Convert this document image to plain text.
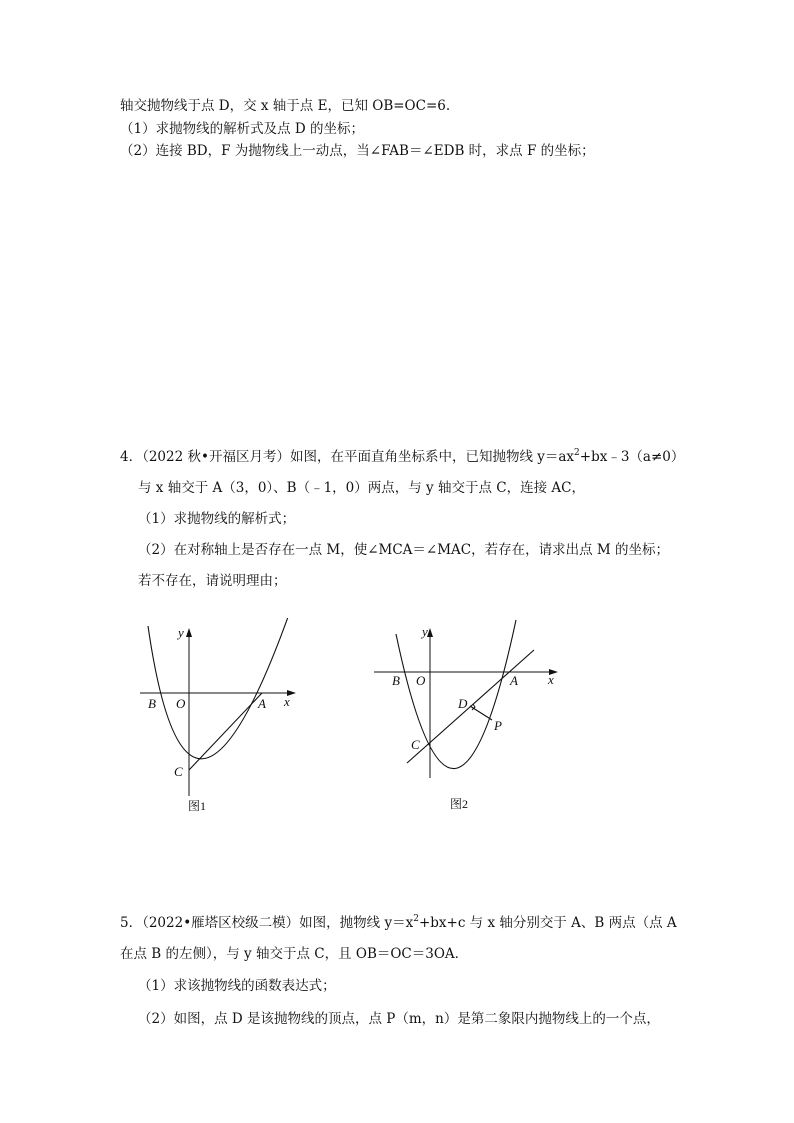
轴交抛物线于点 D，交 x 轴于点 E，已知 OB=OC=6.
（1）求抛物线的解析式及点 D 的坐标；
（2）连接 BD，F 为抛物线上一动点，当∠FAB＝∠EDB 时，求点 F 的坐标；
4．（2022 秋•开福区月考）如图，在平面直角坐标系中，已知抛物线 $y=ax^2+bx﹣3(a\ne 0)$
与 x 轴交于 A（3，0）、B（﹣1，0）两点，与 y 轴交于点 C，连接 AC，
（1）求抛物线的解析式；
（2）在对称轴上是否存在一点 M，使∠MCA＝∠MAC，若存在，请求出点 M 的坐标；
若不存在，请说明理由；
y
x
O	A
B
C
图1
y
x
O	A
B
C
D
P
图2
5．（2022•雁塔区校级二模）如图，抛物线 $y=x^2+bx+c$ 与 x 轴分别交于 A、B 两点（点 A
在点 B 的左侧），与 y 轴交于点 C，且 OB＝OC＝3OA．
（1）求该抛物线的函数表达式；
（2）如图，点 D 是该抛物线的顶点，点 P（m，n）是第二象限内抛物线上的一个点，
